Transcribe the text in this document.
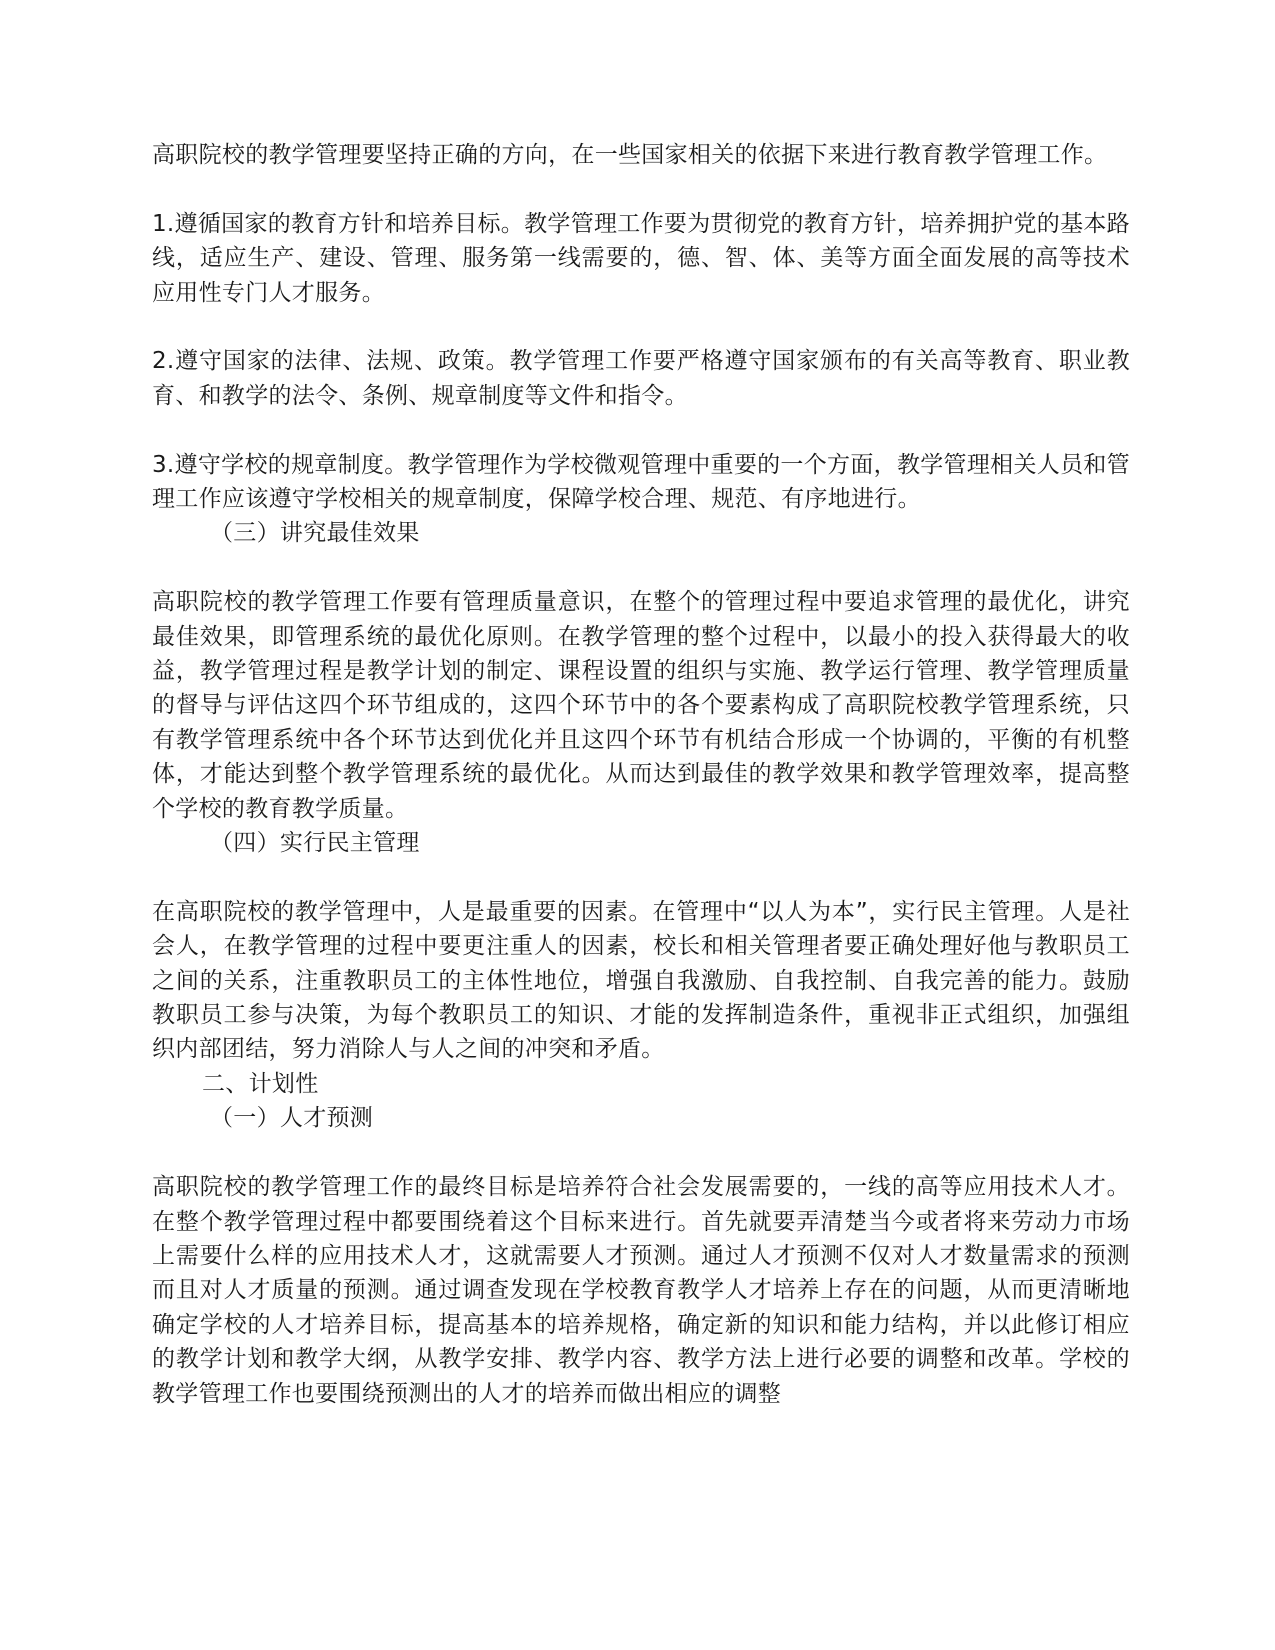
高职院校的教学管理要坚持正确的方向，在一些国家相关的依据下来进行教育教学管理工作。

1.遵循国家的教育方针和培养目标。教学管理工作要为贯彻党的教育方针，培养拥护党的基本路线，适应生产、建设、管理、服务第一线需要的，德、智、体、美等方面全面发展的高等技术应用性专门人才服务。

2.遵守国家的法律、法规、政策。教学管理工作要严格遵守国家颁布的有关高等教育、职业教育、和教学的法令、条例、规章制度等文件和指令。

3.遵守学校的规章制度。教学管理作为学校微观管理中重要的一个方面，教学管理相关人员和管理工作应该遵守学校相关的规章制度，保障学校合理、规范、有序地进行。

（三）讲究最佳效果

高职院校的教学管理工作要有管理质量意识，在整个的管理过程中要追求管理的最优化，讲究最佳效果，即管理系统的最优化原则。在教学管理的整个过程中，以最小的投入获得最大的收益，教学管理过程是教学计划的制定、课程设置的组织与实施、教学运行管理、教学管理质量的督导与评估这四个环节组成的，这四个环节中的各个要素构成了高职院校教学管理系统，只有教学管理系统中各个环节达到优化并且这四个环节有机结合形成一个协调的，平衡的有机整体，才能达到整个教学管理系统的最优化。从而达到最佳的教学效果和教学管理效率，提高整个学校的教育教学质量。

（四）实行民主管理

在高职院校的教学管理中，人是最重要的因素。在管理中“以人为本”，实行民主管理。人是社会人，在教学管理的过程中要更注重人的因素，校长和相关管理者要正确处理好他与教职员工之间的关系，注重教职员工的主体性地位，增强自我激励、自我控制、自我完善的能力。鼓励教职员工参与决策，为每个教职员工的知识、才能的发挥制造条件，重视非正式组织，加强组织内部团结，努力消除人与人之间的冲突和矛盾。

二、计划性
（一）人才预测

高职院校的教学管理工作的最终目标是培养符合社会发展需要的，一线的高等应用技术人才。在整个教学管理过程中都要围绕着这个目标来进行。首先就要弄清楚当今或者将来劳动力市场上需要什么样的应用技术人才，这就需要人才预测。通过人才预测不仅对人才数量需求的预测而且对人才质量的预测。通过调查发现在学校教育教学人才培养上存在的问题，从而更清晰地确定学校的人才培养目标，提高基本的培养规格，确定新的知识和能力结构，并以此修订相应的教学计划和教学大纲，从教学安排、教学内容、教学方法上进行必要的调整和改革。学校的教学管理工作也要围绕预测出的人才的培养而做出相应的调整
